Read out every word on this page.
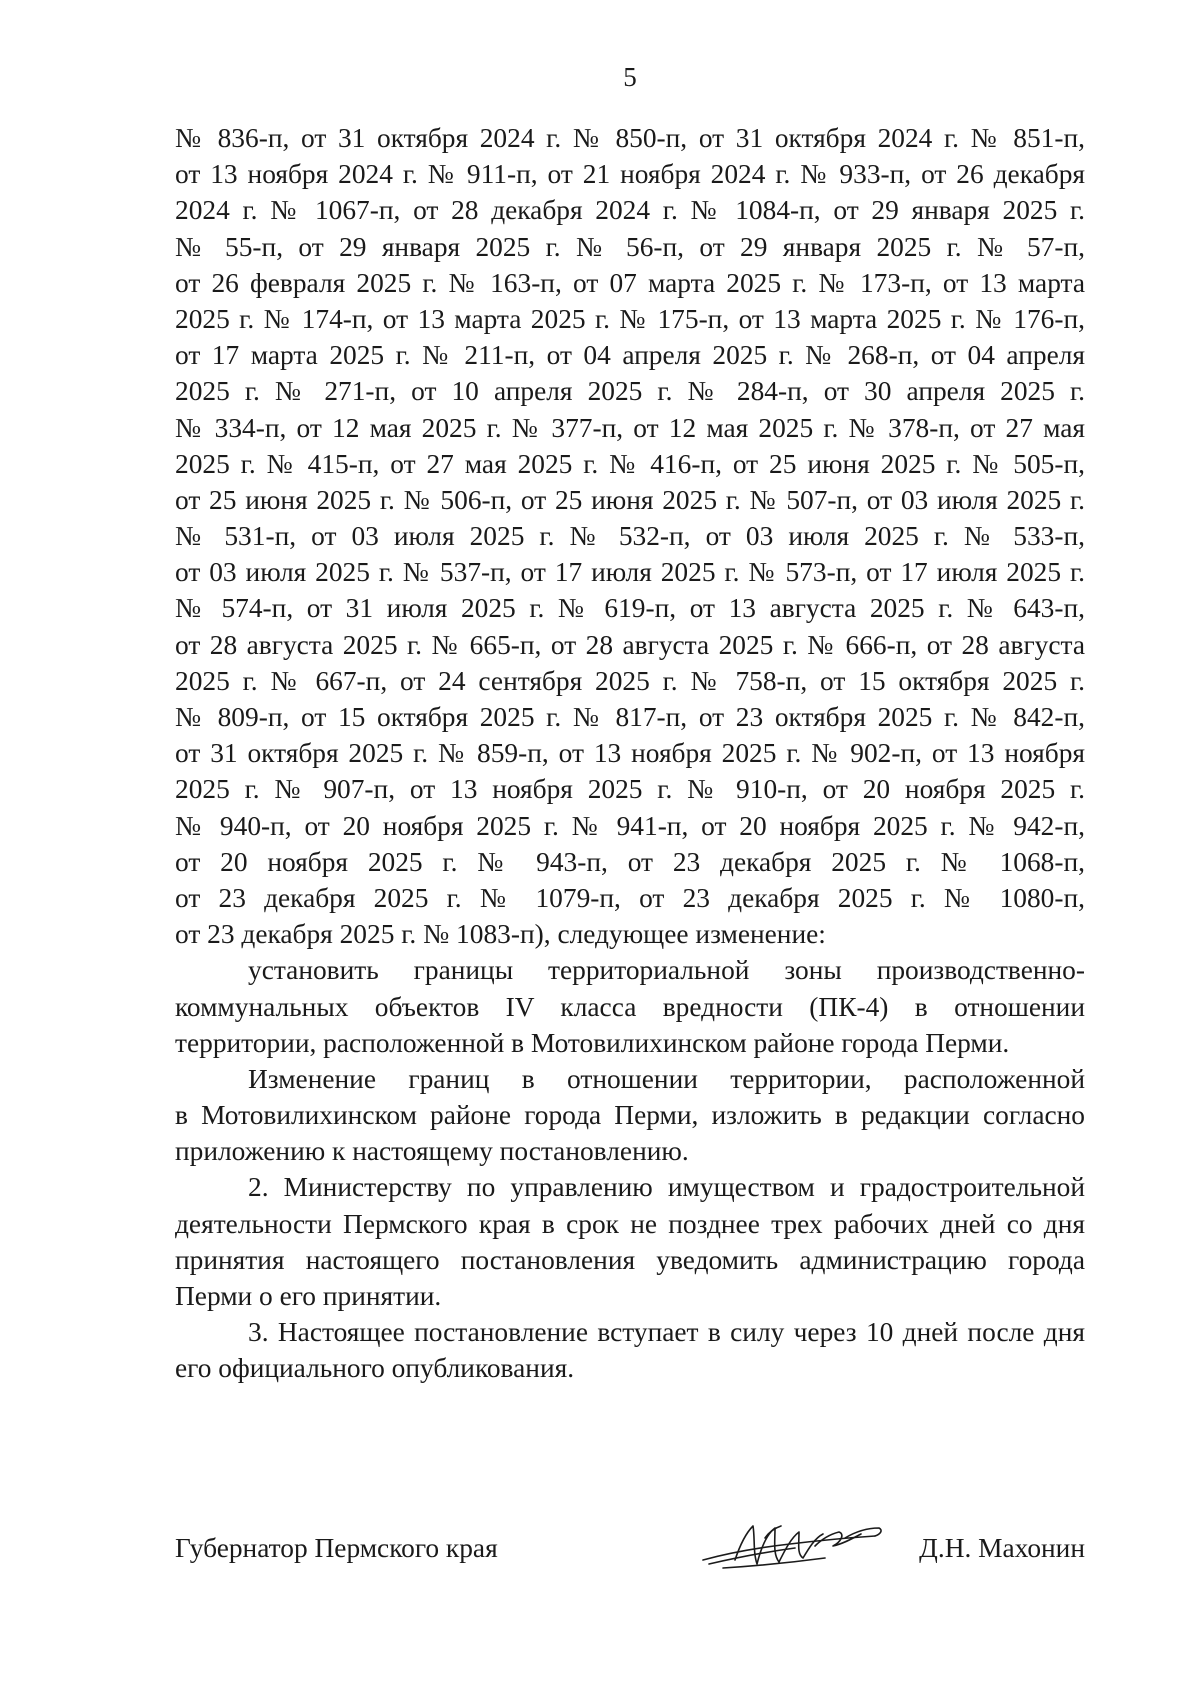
5
№ 836-п, от 31 октября 2024 г. № 850-п, от 31 октября 2024 г. № 851-п,
от 13 ноября 2024 г. № 911-п, от 21 ноября 2024 г. № 933-п, от 26 декабря
2024 г. № 1067-п, от 28 декабря 2024 г. № 1084-п, от 29 января 2025 г.
№ 55-п, от 29 января 2025 г. № 56-п, от 29 января 2025 г. № 57-п,
от 26 февраля 2025 г. № 163-п, от 07 марта 2025 г. № 173-п, от 13 марта
2025 г. № 174-п, от 13 марта 2025 г. № 175-п, от 13 марта 2025 г. № 176-п,
от 17 марта 2025 г. № 211-п, от 04 апреля 2025 г. № 268-п, от 04 апреля
2025 г. № 271-п, от 10 апреля 2025 г. № 284-п, от 30 апреля 2025 г.
№ 334-п, от 12 мая 2025 г. № 377-п, от 12 мая 2025 г. № 378-п, от 27 мая
2025 г. № 415-п, от 27 мая 2025 г. № 416-п, от 25 июня 2025 г. № 505-п,
от 25 июня 2025 г. № 506-п, от 25 июня 2025 г. № 507-п, от 03 июля 2025 г.
№ 531-п, от 03 июля 2025 г. № 532-п, от 03 июля 2025 г. № 533-п,
от 03 июля 2025 г. № 537-п, от 17 июля 2025 г. № 573-п, от 17 июля 2025 г.
№ 574-п, от 31 июля 2025 г. № 619-п, от 13 августа 2025 г. № 643-п,
от 28 августа 2025 г. № 665-п, от 28 августа 2025 г. № 666-п, от 28 августа
2025 г. № 667-п, от 24 сентября 2025 г. № 758-п, от 15 октября 2025 г.
№ 809-п, от 15 октября 2025 г. № 817-п, от 23 октября 2025 г. № 842-п,
от 31 октября 2025 г. № 859-п, от 13 ноября 2025 г. № 902-п, от 13 ноября
2025 г. № 907-п, от 13 ноября 2025 г. № 910-п, от 20 ноября 2025 г.
№ 940-п, от 20 ноября 2025 г. № 941-п, от 20 ноября 2025 г. № 942-п,
от 20 ноября 2025 г. № 943-п, от 23 декабря 2025 г. № 1068-п,
от 23 декабря 2025 г. № 1079-п, от 23 декабря 2025 г. № 1080-п,
от 23 декабря 2025 г. № 1083-п), следующее изменение:
установить границы территориальной зоны производственно-
коммунальных объектов IV класса вредности (ПК-4) в отношении
территории, расположенной в Мотовилихинском районе города Перми.
Изменение границ в отношении территории, расположенной
в Мотовилихинском районе города Перми, изложить в редакции согласно
приложению к настоящему постановлению.
2. Министерству по управлению имуществом и градостроительной
деятельности Пермского края в срок не позднее трех рабочих дней со дня
принятия настоящего постановления уведомить администрацию города
Перми о его принятии.
3. Настоящее постановление вступает в силу через 10 дней после дня
его официального опубликования.
Губернатор Пермского края	Д.Н. Махонин
